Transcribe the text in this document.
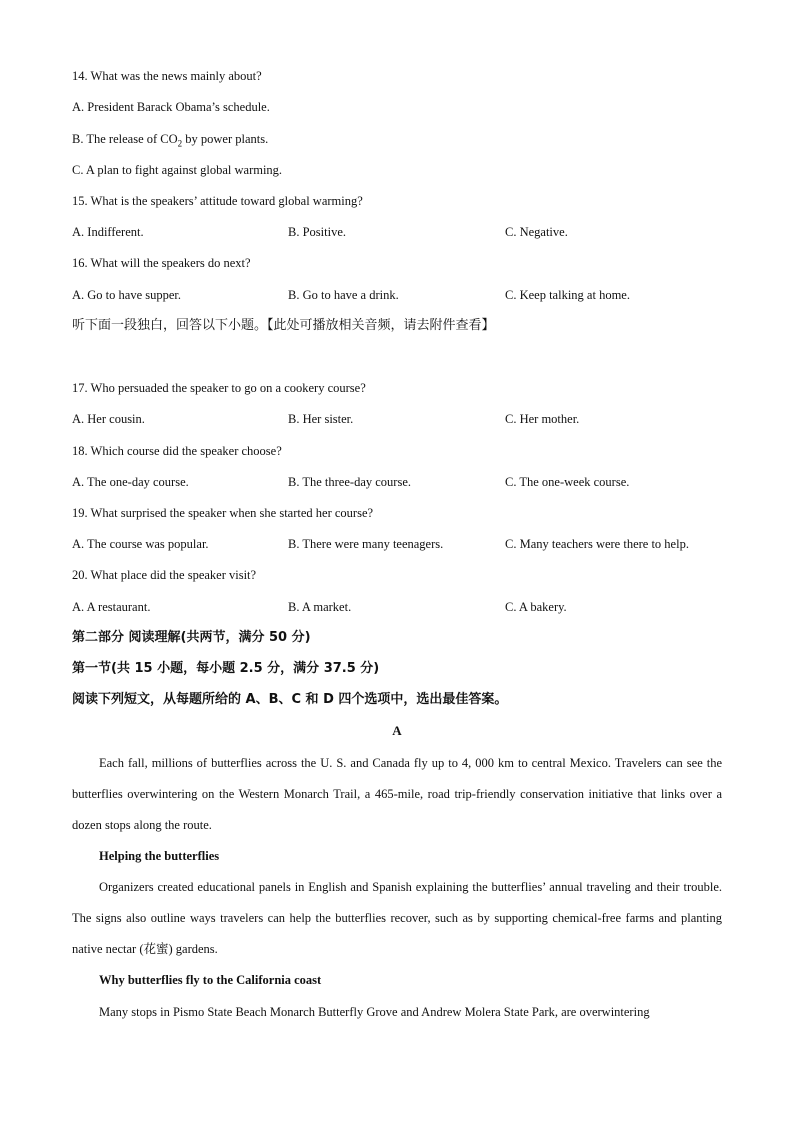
14. What was the news mainly about?
A. President Barack Obama’s schedule.
B. The release of $CO_2$ by power plants.
C. A plan to fight against global warming.
15. What is the speakers’ attitude toward global warming?
A. Indifferent.	B. Positive.	C. Negative.
16. What will the speakers do next?
A. Go to have supper.	B. Go to have a drink.	C. Keep talking at home.
听下面一段独白，回答以下小题。【此处可播放相关音频，请去附件查看】
17. Who persuaded the speaker to go on a cookery course?
A. Her cousin.	B. Her sister.	C. Her mother.
18. Which course did the speaker choose?
A. The one-day course.	B. The three-day course.	C. The one-week course.
19. What surprised the speaker when she started her course?
A. The course was popular.	B. There were many teenagers.	C. Many teachers were there to help.
20. What place did the speaker visit?
A. A restaurant.	B. A market.	C. A bakery.
第二部分 阅读理解(共两节，满分 50 分)
第一节(共 15 小题，每小题 2.5 分，满分 37.5 分)
阅读下列短文，从每题所给的 A、B、C 和 D 四个选项中，选出最佳答案。
A
Each fall, millions of butterflies across the U. S. and Canada fly up to 4, 000 km to central Mexico. Travelers can see the butterflies overwintering on the Western Monarch Trail, a 465-mile, road trip-friendly conservation initiative that links over a dozen stops along the route.
Helping the butterflies
Organizers created educational panels in English and Spanish explaining the butterflies’ annual traveling and their trouble. The signs also outline ways travelers can help the butterflies recover, such as by supporting chemical-free farms and planting native nectar (花蜜) gardens.
Why butterflies fly to the California coast
Many stops in Pismo State Beach Monarch Butterfly Grove and Andrew Molera State Park, are overwintering
